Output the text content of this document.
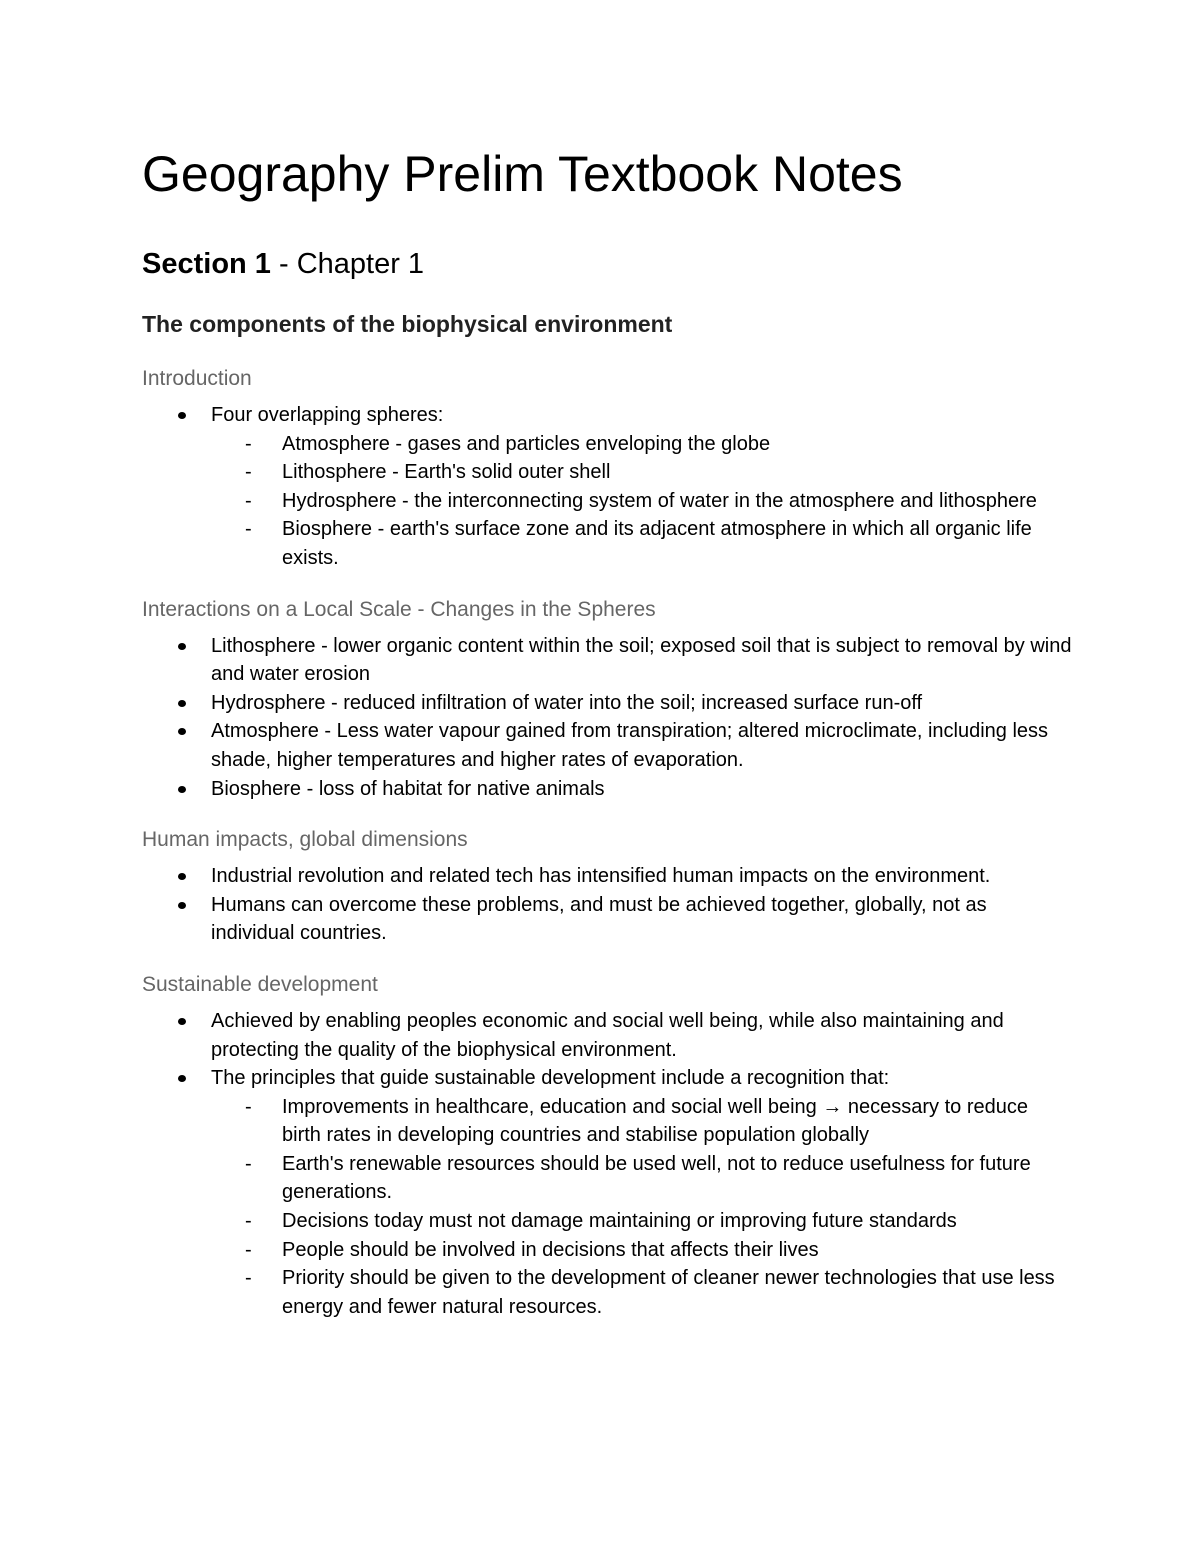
Geography Prelim Textbook Notes
Section 1 - Chapter 1
The components of the biophysical environment
Introduction
Four overlapping spheres:
- Atmosphere - gases and particles enveloping the globe
- Lithosphere - Earth's solid outer shell
- Hydrosphere - the interconnecting system of water in the atmosphere and lithosphere
- Biosphere - earth's surface zone and its adjacent atmosphere in which all organic life exists.
Interactions on a Local Scale - Changes in the Spheres
Lithosphere - lower organic content within the soil; exposed soil that is subject to removal by wind and water erosion
Hydrosphere - reduced infiltration of water into the soil; increased surface run-off
Atmosphere - Less water vapour gained from transpiration; altered microclimate, including less shade, higher temperatures and higher rates of evaporation.
Biosphere - loss of habitat for native animals
Human impacts, global dimensions
Industrial revolution and related tech has intensified human impacts on the environment.
Humans can overcome these problems, and must be achieved together, globally, not as individual countries.
Sustainable development
Achieved by enabling peoples economic and social well being, while also maintaining and protecting the quality of the biophysical environment.
The principles that guide sustainable development include a recognition that:
- Improvements in healthcare, education and social well being → necessary to reduce birth rates in developing countries and stabilise population globally
- Earth's renewable resources should be used well, not to reduce usefulness for future generations.
- Decisions today must not damage maintaining or improving future standards
- People should be involved in decisions that affects their lives
- Priority should be given to the development of cleaner newer technologies that use less energy and fewer natural resources.
